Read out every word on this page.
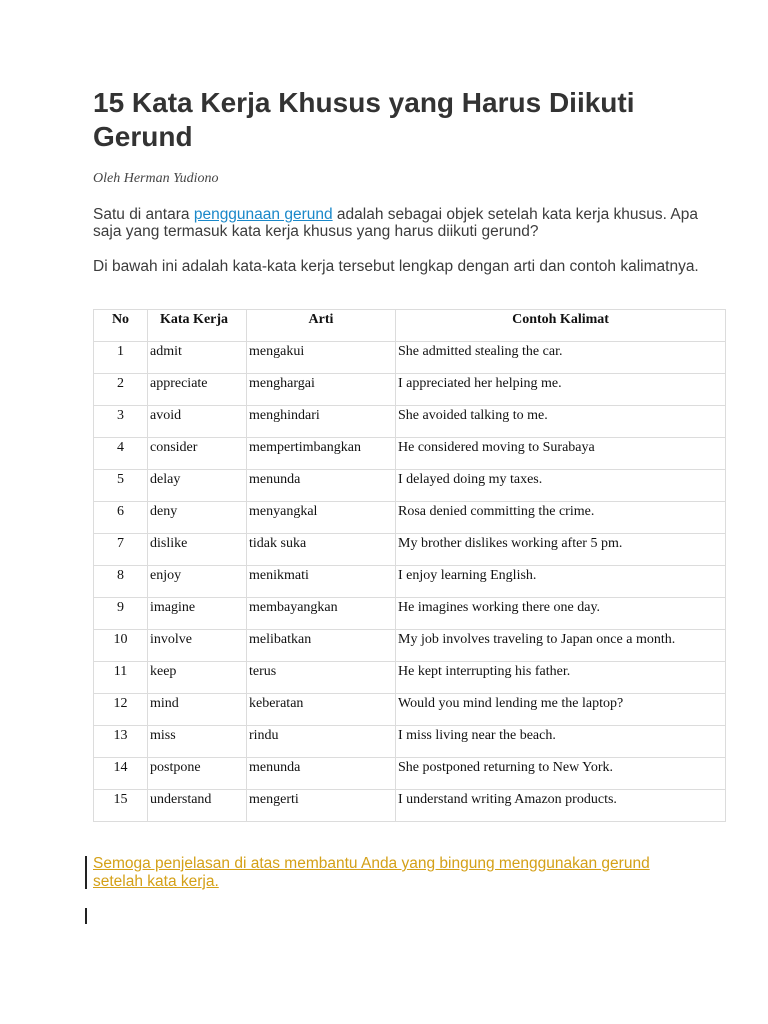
15 Kata Kerja Khusus yang Harus Diikuti Gerund
Oleh Herman Yudiono

Satu di antara penggunaan gerund adalah sebagai objek setelah kata kerja khusus. Apa saja yang termasuk kata kerja khusus yang harus diikuti gerund?

Di bawah ini adalah kata-kata kerja tersebut lengkap dengan arti dan contoh kalimatnya.

No	Kata Kerja	Arti	Contoh Kalimat
1	admit	mengakui	She admitted stealing the car.
2	appreciate	menghargai	I appreciated her helping me.
3	avoid	menghindari	She avoided talking to me.
4	consider	mempertimbangkan	He considered moving to Surabaya
5	delay	menunda	I delayed doing my taxes.
6	deny	menyangkal	Rosa denied committing the crime.
7	dislike	tidak suka	My brother dislikes working after 5 pm.
8	enjoy	menikmati	I enjoy learning English.
9	imagine	membayangkan	He imagines working there one day.
10	involve	melibatkan	My job involves traveling to Japan once a month.
11	keep	terus	He kept interrupting his father.
12	mind	keberatan	Would you mind lending me the laptop?
13	miss	rindu	I miss living near the beach.
14	postpone	menunda	She postponed returning to New York.
15	understand	mengerti	I understand writing Amazon products.

Semoga penjelasan di atas membantu Anda yang bingung menggunakan gerund setelah kata kerja.
